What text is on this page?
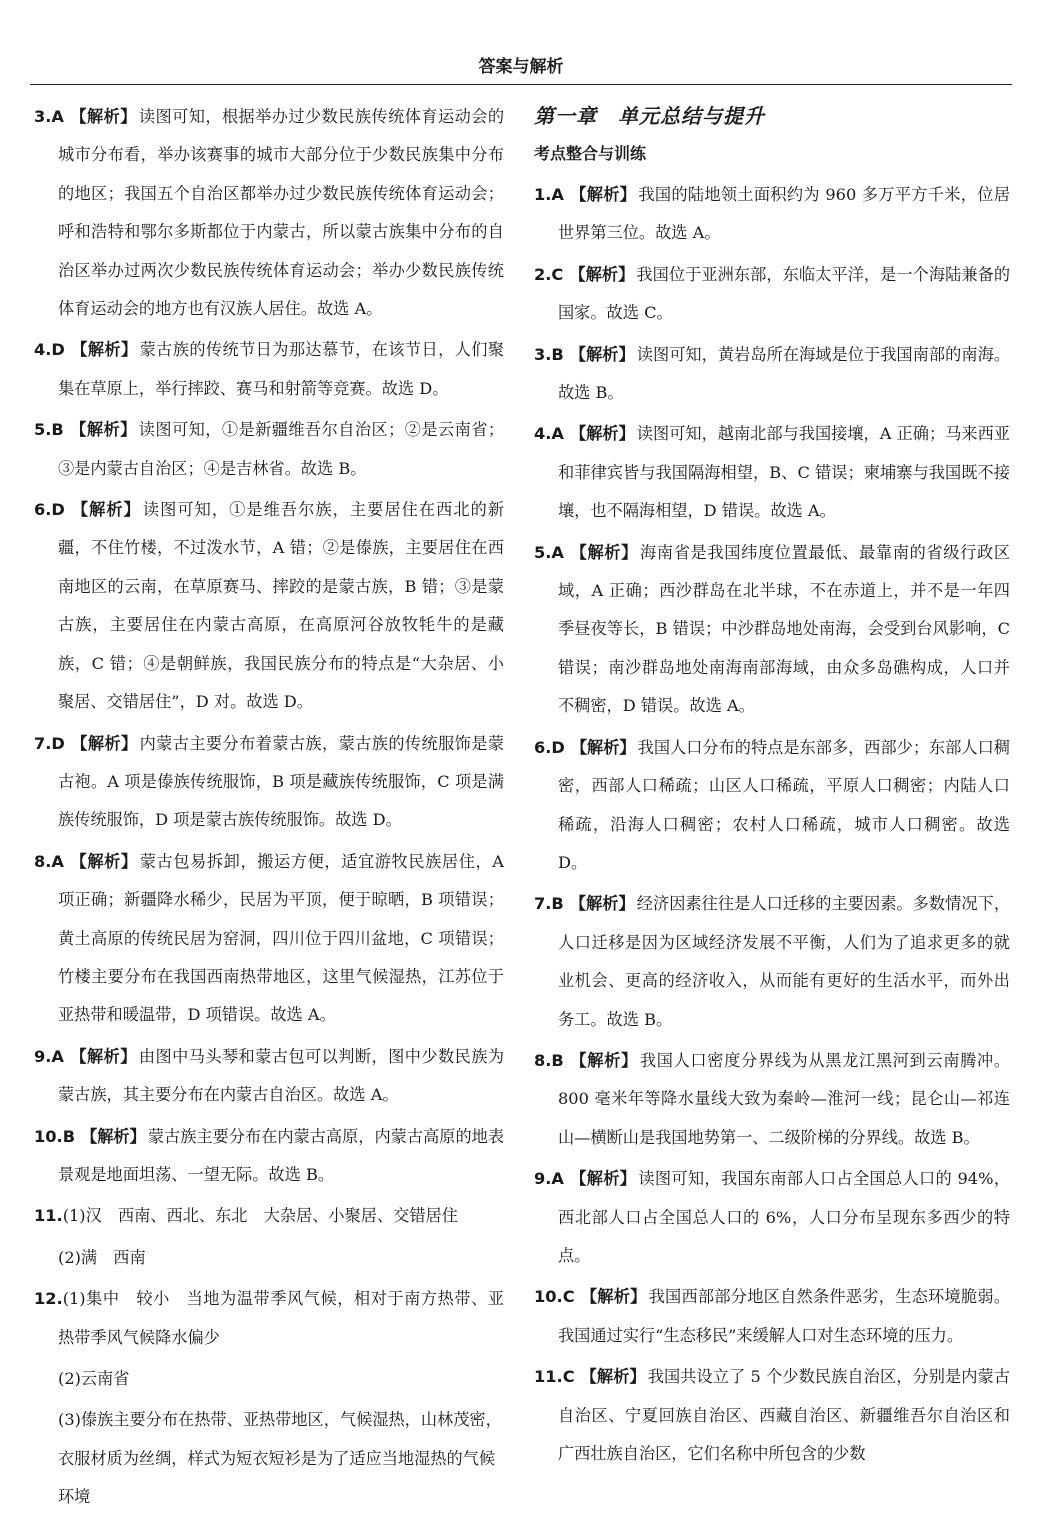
答案与解析

3.A 【解析】 读图可知，根据举办过少数民族传统体育运动会的城市分布看，举办该赛事的城市大部分位于少数民族集中分布的地区；我国五个自治区都举办过少数民族传统体育运动会；呼和浩特和鄂尔多斯都位于内蒙古，所以蒙古族集中分布的自治区举办过两次少数民族传统体育运动会；举办少数民族传统体育运动会的地方也有汉族人居住。故选 A。

4.D 【解析】 蒙古族的传统节日为那达慕节，在该节日，人们聚集在草原上，举行摔跤、赛马和射箭等竞赛。故选 D。

5.B 【解析】 读图可知，①是新疆维吾尔自治区；②是云南省；③是内蒙古自治区；④是吉林省。故选 B。

6.D 【解析】 读图可知，①是维吾尔族，主要居住在西北的新疆，不住竹楼，不过泼水节，A 错；②是傣族，主要居住在西南地区的云南，在草原赛马、摔跤的是蒙古族，B 错；③是蒙古族，主要居住在内蒙古高原，在高原河谷放牧牦牛的是藏族，C 错；④是朝鲜族，我国民族分布的特点是“大杂居、小聚居、交错居住”，D 对。故选 D。

7.D 【解析】 内蒙古主要分布着蒙古族，蒙古族的传统服饰是蒙古袍。A 项是傣族传统服饰，B 项是藏族传统服饰，C 项是满族传统服饰，D 项是蒙古族传统服饰。故选 D。

8.A 【解析】 蒙古包易拆卸，搬运方便，适宜游牧民族居住，A 项正确；新疆降水稀少，民居为平顶，便于晾晒，B 项错误；黄土高原的传统民居为窑洞，四川位于四川盆地，C 项错误；竹楼主要分布在我国西南热带地区，这里气候湿热，江苏位于亚热带和暖温带，D 项错误。故选 A。

9.A 【解析】 由图中马头琴和蒙古包可以判断，图中少数民族为蒙古族，其主要分布在内蒙古自治区。故选 A。

10.B 【解析】 蒙古族主要分布在内蒙古高原，内蒙古高原的地表景观是地面坦荡、一望无际。故选 B。

11.(1)汉　西南、西北、东北　大杂居、小聚居、交错居住

(2)满　西南

12.(1)集中　较小　当地为温带季风气候，相对于南方热带、亚热带季风气候降水偏少

(2)云南省

(3)傣族主要分布在热带、亚热带地区，气候湿热，山林茂密，衣服材质为丝绸，样式为短衣短衫是为了适应当地湿热的气候环境

第一章　单元总结与提升
考点整合与训练

1.A 【解析】 我国的陆地领土面积约为 960 多万平方千米，位居世界第三位。故选 A。

2.C 【解析】 我国位于亚洲东部，东临太平洋，是一个海陆兼备的国家。故选 C。

3.B 【解析】 读图可知，黄岩岛所在海域是位于我国南部的南海。故选 B。

4.A 【解析】 读图可知，越南北部与我国接壤，A 正确；马来西亚和菲律宾皆与我国隔海相望，B、C 错误；柬埔寨与我国既不接壤，也不隔海相望，D 错误。故选 A。

5.A 【解析】 海南省是我国纬度位置最低、最靠南的省级行政区域，A 正确；西沙群岛在北半球，不在赤道上，并不是一年四季昼夜等长，B 错误；中沙群岛地处南海，会受到台风影响，C 错误；南沙群岛地处南海南部海域，由众多岛礁构成，人口并不稠密，D 错误。故选 A。

6.D 【解析】 我国人口分布的特点是东部多，西部少；东部人口稠密，西部人口稀疏；山区人口稀疏，平原人口稠密；内陆人口稀疏，沿海人口稠密；农村人口稀疏，城市人口稠密。故选 D。

7.B 【解析】 经济因素往往是人口迁移的主要因素。多数情况下，人口迁移是因为区域经济发展不平衡，人们为了追求更多的就业机会、更高的经济收入，从而能有更好的生活水平，而外出务工。故选 B。

8.B 【解析】 我国人口密度分界线为从黑龙江黑河到云南腾冲。800 毫米年等降水量线大致为秦岭—淮河一线；昆仑山—祁连山—横断山是我国地势第一、二级阶梯的分界线。故选 B。

9.A 【解析】 读图可知，我国东南部人口占全国总人口的 94%，西北部人口占全国总人口的 6%，人口分布呈现东多西少的特点。

10.C 【解析】 我国西部部分地区自然条件恶劣，生态环境脆弱。我国通过实行“生态移民”来缓解人口对生态环境的压力。

11.C 【解析】 我国共设立了 5 个少数民族自治区，分别是内蒙古自治区、宁夏回族自治区、西藏自治区、新疆维吾尔自治区和广西壮族自治区，它们名称中所包含的少数
